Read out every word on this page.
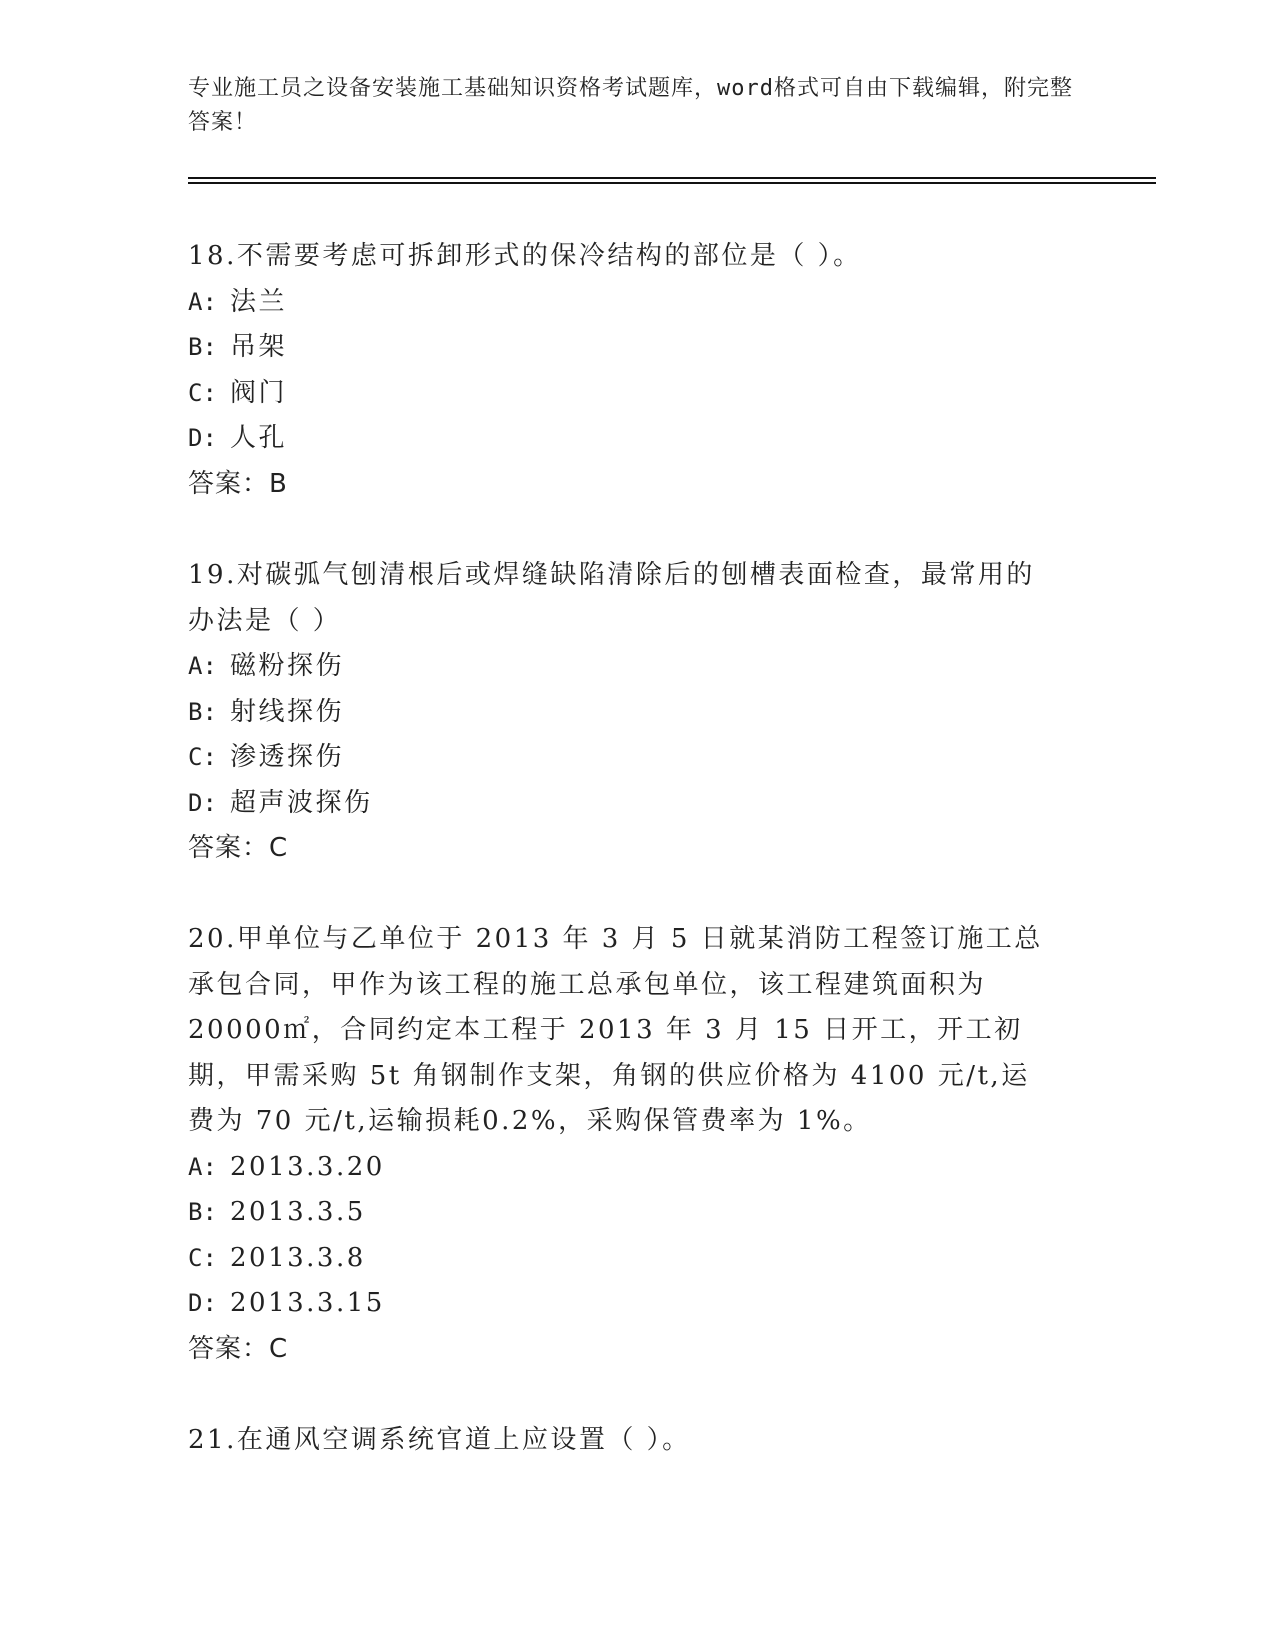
专业施工员之设备安装施工基础知识资格考试题库，word格式可自由下载编辑，附完整答案！
18.不需要考虑可拆卸形式的保冷结构的部位是（ ）。
A: 法兰
B: 吊架
C: 阀门
D: 人孔
答案：B
19.对碳弧气刨清根后或焊缝缺陷清除后的刨槽表面检查，最常用的办法是（ ）
A: 磁粉探伤
B: 射线探伤
C: 渗透探伤
D: 超声波探伤
答案：C
20.甲单位与乙单位于 2013 年 3 月 5 日就某消防工程签订施工总承包合同，甲作为该工程的施工总承包单位，该工程建筑面积为 20000㎡，合同约定本工程于 2013 年 3 月 15 日开工，开工初期，甲需采购 5t 角钢制作支架，角钢的供应价格为 4100 元/t,运费为 70 元/t,运输损耗0.2%，采购保管费率为 1%。
A: 2013.3.20
B: 2013.3.5
C: 2013.3.8
D: 2013.3.15
答案：C
21.在通风空调系统官道上应设置（ ）。
